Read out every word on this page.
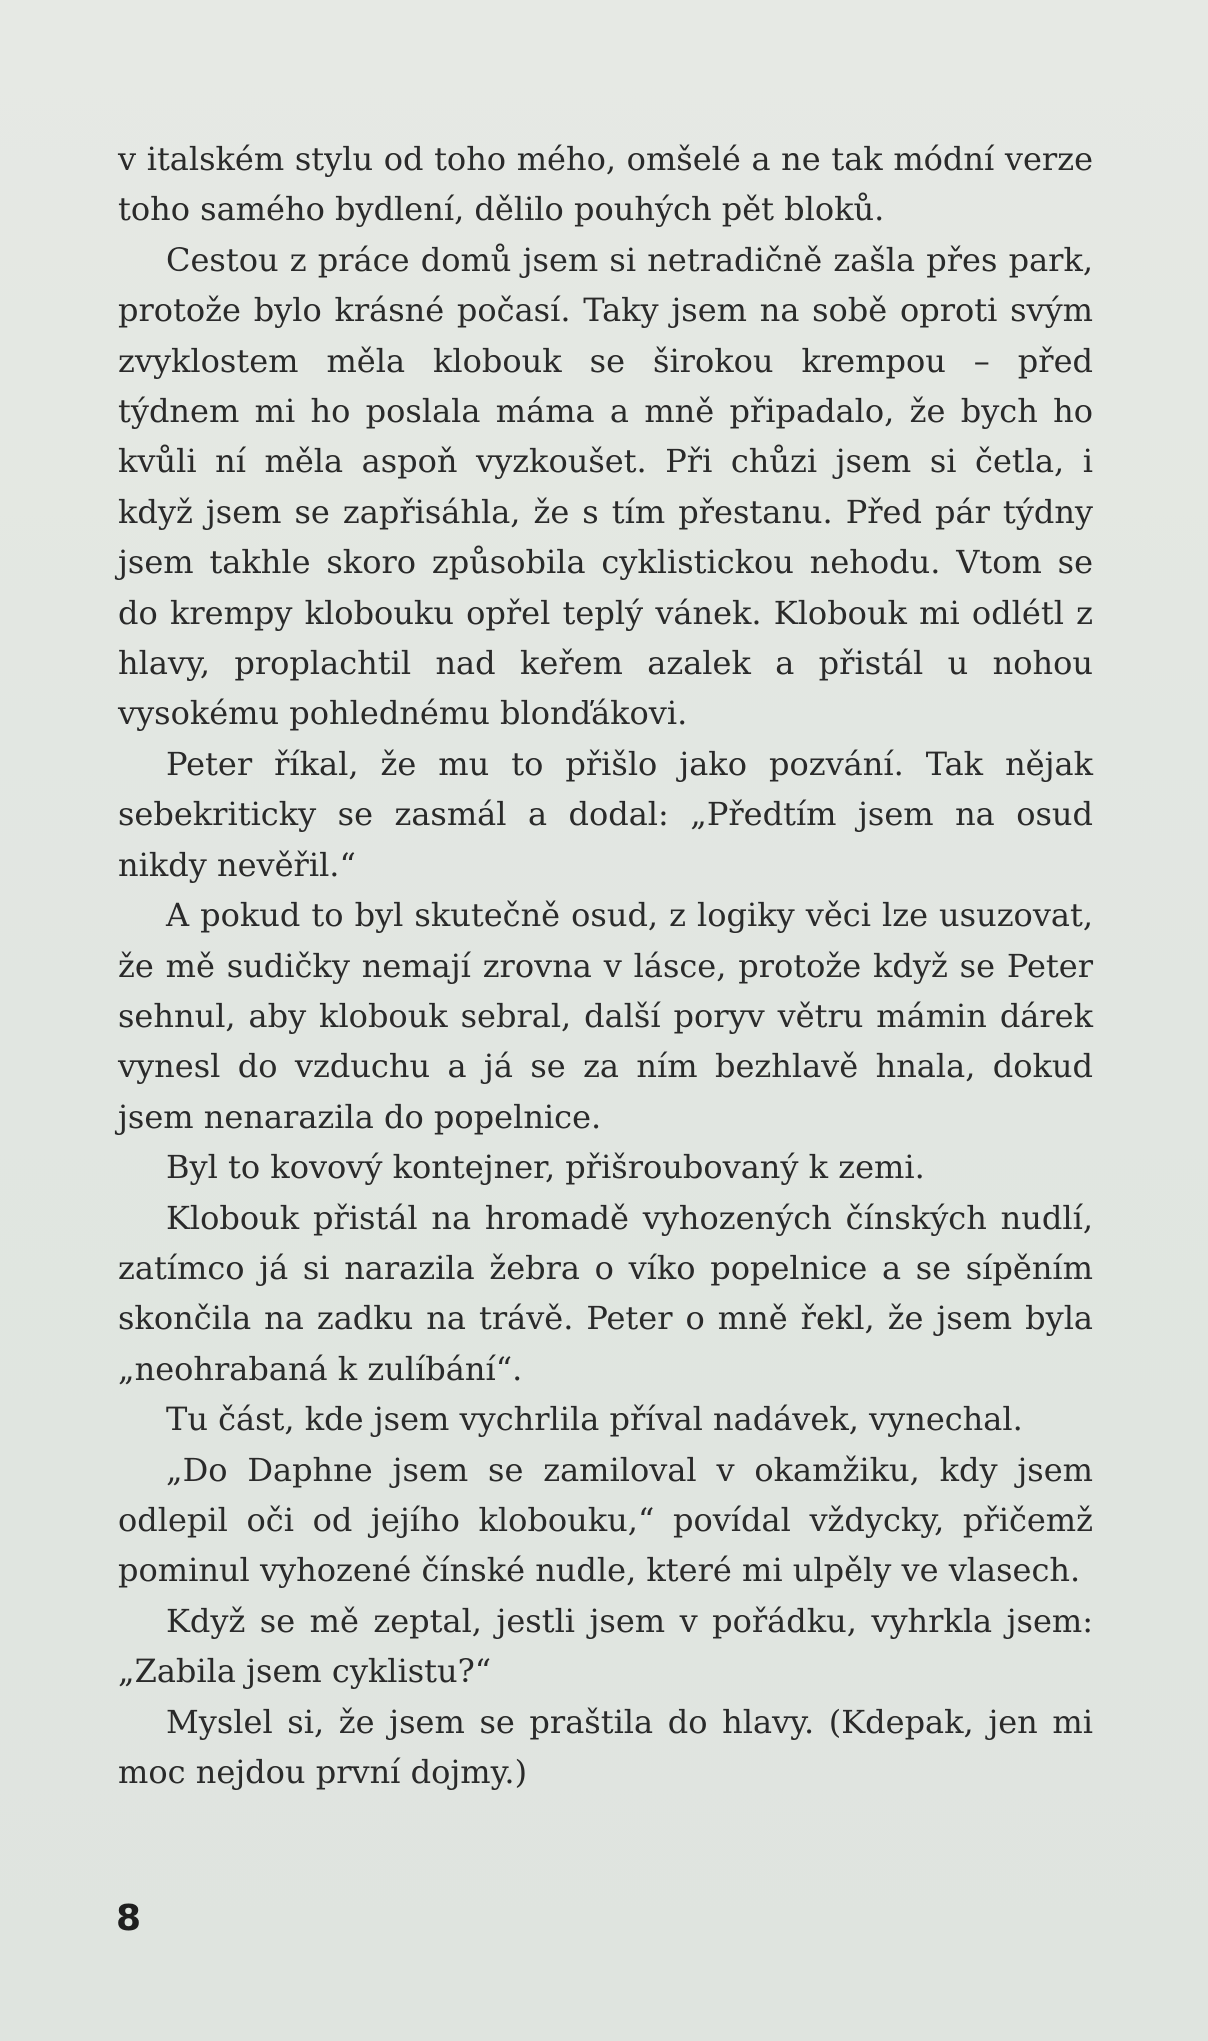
v italském stylu od toho mého, omšelé a ne tak módní verze toho samého bydlení, dělilo pouhých pět bloků.

Cestou z práce domů jsem si netradičně zašla přes park, protože bylo krásné počasí. Taky jsem na sobě oproti svým zvyklostem měla klobouk se širokou krempou – před týdnem mi ho poslala máma a mně připadalo, že bych ho kvůli ní měla aspoň vyzkoušet. Při chůzi jsem si četla, i když jsem se zapřisáhla, že s tím přestanu. Před pár týdny jsem takhle skoro způsobila cyklistickou nehodu. Vtom se do krempy klobouku opřel teplý vánek. Klobouk mi odlétl z hlavy, proplachtil nad keřem azalek a přistál u nohou vysokému pohlednému blonďákovi.

Peter říkal, že mu to přišlo jako pozvání. Tak nějak sebekriticky se zasmál a dodal: „Předtím jsem na osud nikdy nevěřil.“

A pokud to byl skutečně osud, z logiky věci lze usuzovat, že mě sudičky nemají zrovna v lásce, protože když se Peter sehnul, aby klobouk sebral, další poryv větru mámin dárek vynesl do vzduchu a já se za ním bezhlavě hnala, dokud jsem nenarazila do popelnice.

Byl to kovový kontejner, přišroubovaný k zemi.

Klobouk přistál na hromadě vyhozených čínských nudlí, zatímco já si narazila žebra o víko popelnice a se sípěním skončila na zadku na trávě. Peter o mně řekl, že jsem byla „neohrabaná k zulíbání“.

Tu část, kde jsem vychrlila příval nadávek, vynechal.

„Do Daphne jsem se zamiloval v okamžiku, kdy jsem odlepil oči od jejího klobouku,“ povídal vždycky, přičemž pominul vyhozené čínské nudle, které mi ulpěly ve vlasech.

Když se mě zeptal, jestli jsem v pořádku, vyhrkla jsem: „Zabila jsem cyklistu?“

Myslel si, že jsem se praštila do hlavy. (Kdepak, jen mi moc nejdou první dojmy.)

8
